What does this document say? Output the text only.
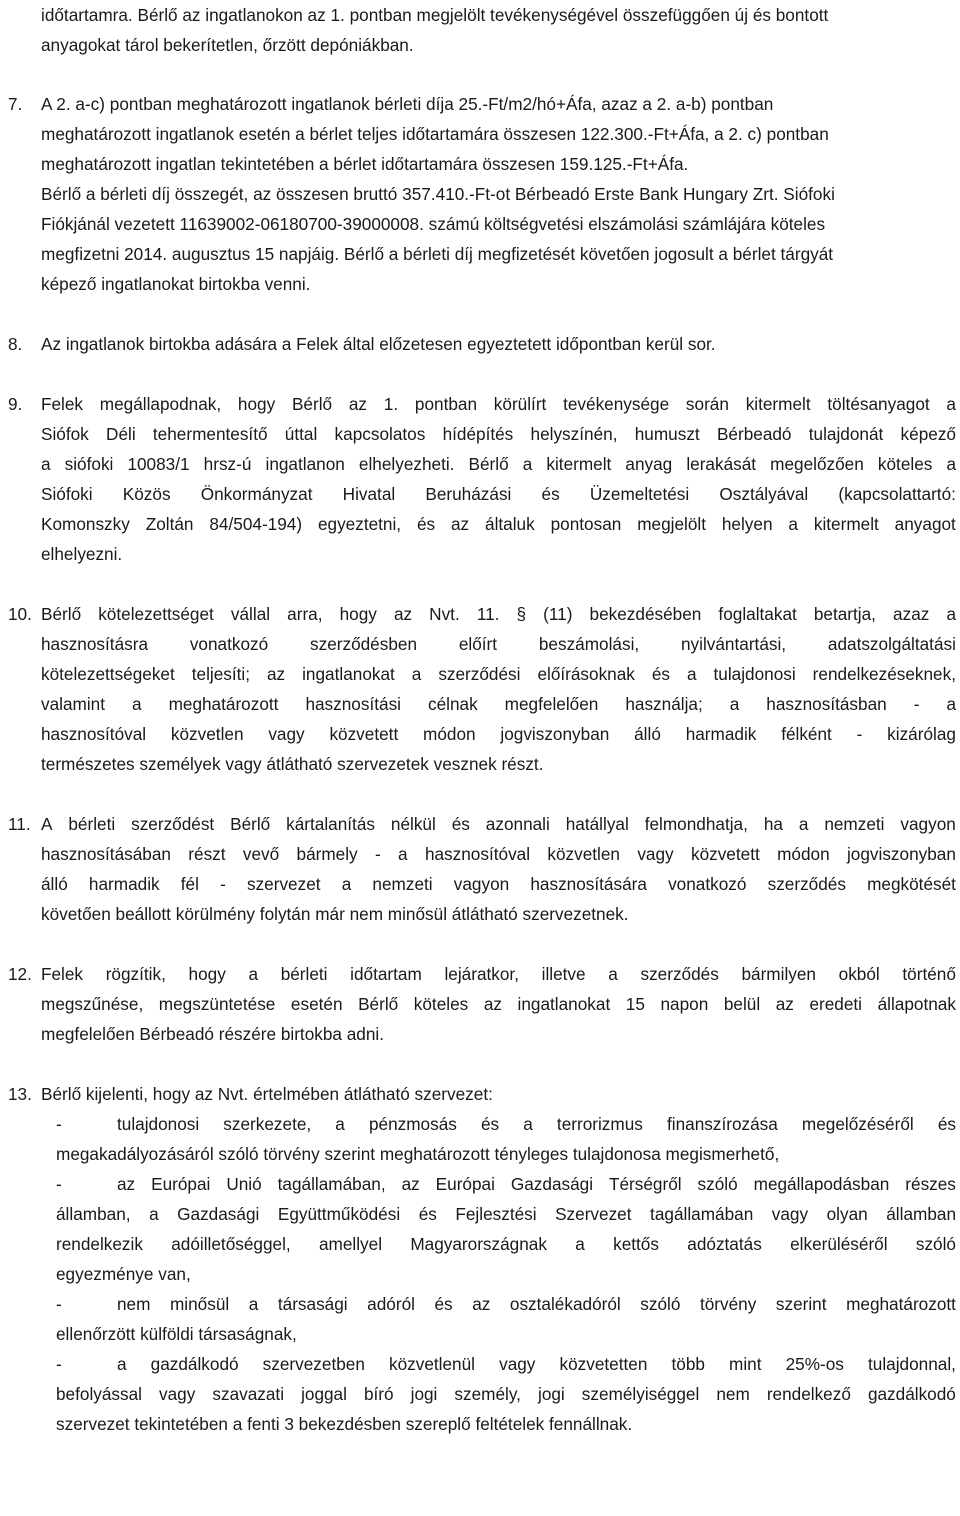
időtartamra. Bérlő az ingatlanokon az 1. pontban megjelölt tevékenységével összefüggően új és bontott
anyagokat tárol bekerítetlen, őrzött depóniákban.
7. A 2. a-c) pontban meghatározott ingatlanok bérleti díja 25.-Ft/m2/hó+Áfa, azaz a 2. a-b) pontban
meghatározott ingatlanok esetén a bérlet teljes időtartamára összesen 122.300.-Ft+Áfa, a 2. c) pontban
meghatározott ingatlan tekintetében a bérlet időtartamára összesen 159.125.-Ft+Áfa.
Bérlő a bérleti díj összegét, az összesen bruttó 357.410.-Ft-ot Bérbeadó Erste Bank Hungary Zrt. Siófoki
Fiókjánál vezetett 11639002-06180700-39000008. számú költségvetési elszámolási számlájára köteles
megfizetni 2014. augusztus 15 napjáig. Bérlő a bérleti díj megfizetését követően jogosult a bérlet tárgyát
képező ingatlanokat birtokba venni.
8. Az ingatlanok birtokba adására a Felek által előzetesen egyeztetett időpontban kerül sor.
9. Felek megállapodnak, hogy Bérlő az 1. pontban körülírt tevékenysége során kitermelt töltésanyagot a
Siófok Déli tehermentesítő úttal kapcsolatos hídépítés helyszínén, humuszt Bérbeadó tulajdonát képező
a siófoki 10083/1 hrsz-ú ingatlanon elhelyezheti. Bérlő a kitermelt anyag lerakását megelőzően köteles a
Siófoki Közös Önkormányzat Hivatal Beruházási és Üzemeltetési Osztályával (kapcsolattartó:
Komonszky Zoltán 84/504-194) egyeztetni, és az általuk pontosan megjelölt helyen a kitermelt anyagot
elhelyezni.
10. Bérlő kötelezettséget vállal arra, hogy az Nvt. 11. § (11) bekezdésében foglaltakat betartja, azaz a
hasznosításra vonatkozó szerződésben előírt beszámolási, nyilvántartási, adatszolgáltatási
kötelezettségeket teljesíti; az ingatlanokat a szerződési előírásoknak és a tulajdonosi rendelkezéseknek,
valamint a meghatározott hasznosítási célnak megfelelően használja; a hasznosításban - a
hasznosítóval közvetlen vagy közvetett módon jogviszonyban álló harmadik félként - kizárólag
természetes személyek vagy átlátható szervezetek vesznek részt.
11. A bérleti szerződést Bérlő kártalanítás nélkül és azonnali hatállyal felmondhatja, ha a nemzeti vagyon
hasznosításában részt vevő bármely - a hasznosítóval közvetlen vagy közvetett módon jogviszonyban
álló harmadik fél - szervezet a nemzeti vagyon hasznosítására vonatkozó szerződés megkötését
követően beállott körülmény folytán már nem minősül átlátható szervezetnek.
12. Felek rögzítik, hogy a bérleti időtartam lejáratkor, illetve a szerződés bármilyen okból történő
megszűnése, megszüntetése esetén Bérlő köteles az ingatlanokat 15 napon belül az eredeti állapotnak
megfelelően Bérbeadó részére birtokba adni.
13. Bérlő kijelenti, hogy az Nvt. értelmében átlátható szervezet:
-	tulajdonosi szerkezete, a pénzmosás és a terrorizmus finanszírozása megelőzéséről és
megakadályozásáról szóló törvény szerint meghatározott tényleges tulajdonosa megismerhető,
-	az Európai Unió tagállamában, az Európai Gazdasági Térségről szóló megállapodásban részes
államban, a Gazdasági Együttműködési és Fejlesztési Szervezet tagállamában vagy olyan államban
rendelkezik adóilletőséggel, amellyel Magyarországnak a kettős adóztatás elkerüléséről szóló
egyezménye van,
-	nem minősül a társasági adóról és az osztalékadóról szóló törvény szerint meghatározott
ellenőrzött külföldi társaságnak,
-	a gazdálkodó szervezetben közvetlenül vagy közvetetten több mint 25%-os tulajdonnal,
befolyással vagy szavazati joggal bíró jogi személy, jogi személyiséggel nem rendelkező gazdálkodó
szervezet tekintetében a fenti 3 bekezdésben szereplő feltételek fennállnak.
